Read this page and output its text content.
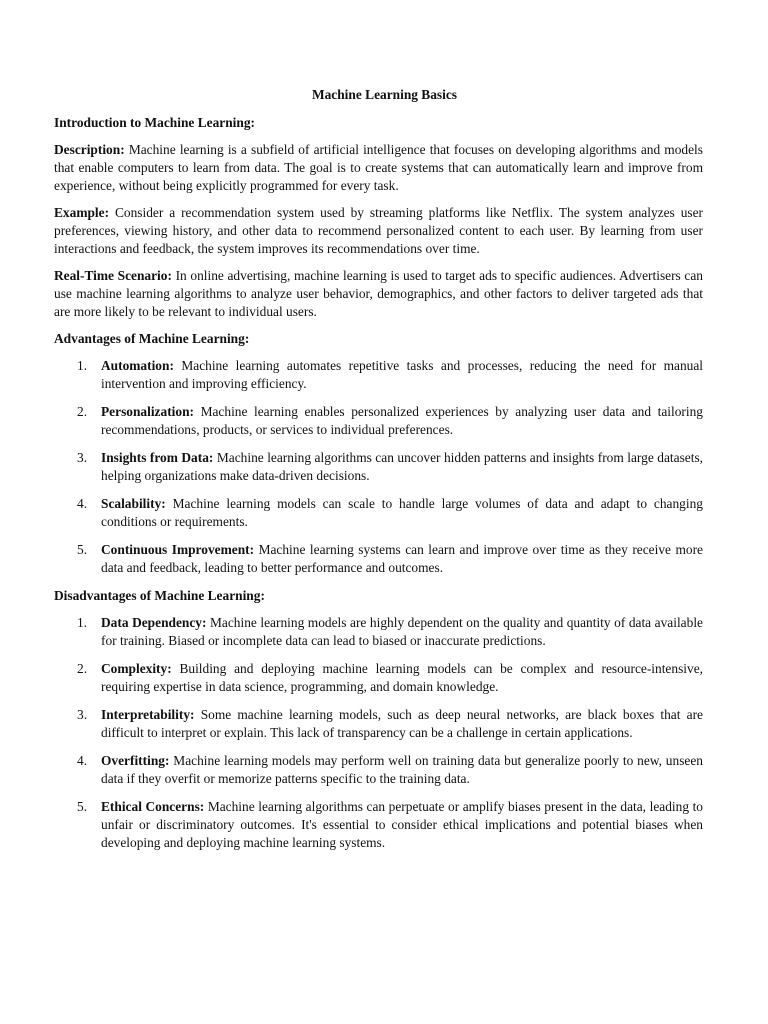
Machine Learning Basics
Introduction to Machine Learning:

Description: Machine learning is a subfield of artificial intelligence that focuses on developing algorithms and models that enable computers to learn from data. The goal is to create systems that can automatically learn and improve from experience, without being explicitly programmed for every task.

Example: Consider a recommendation system used by streaming platforms like Netflix. The system analyzes user preferences, viewing history, and other data to recommend personalized content to each user. By learning from user interactions and feedback, the system improves its recommendations over time.

Real-Time Scenario: In online advertising, machine learning is used to target ads to specific audiences. Advertisers can use machine learning algorithms to analyze user behavior, demographics, and other factors to deliver targeted ads that are more likely to be relevant to individual users.

Advantages of Machine Learning:
1. Automation: Machine learning automates repetitive tasks and processes, reducing the need for manual intervention and improving efficiency.
2. Personalization: Machine learning enables personalized experiences by analyzing user data and tailoring recommendations, products, or services to individual preferences.
3. Insights from Data: Machine learning algorithms can uncover hidden patterns and insights from large datasets, helping organizations make data-driven decisions.
4. Scalability: Machine learning models can scale to handle large volumes of data and adapt to changing conditions or requirements.
5. Continuous Improvement: Machine learning systems can learn and improve over time as they receive more data and feedback, leading to better performance and outcomes.
Disadvantages of Machine Learning:
1. Data Dependency: Machine learning models are highly dependent on the quality and quantity of data available for training. Biased or incomplete data can lead to biased or inaccurate predictions.
2. Complexity: Building and deploying machine learning models can be complex and resource-intensive, requiring expertise in data science, programming, and domain knowledge.
3. Interpretability: Some machine learning models, such as deep neural networks, are black boxes that are difficult to interpret or explain. This lack of transparency can be a challenge in certain applications.
4. Overfitting: Machine learning models may perform well on training data but generalize poorly to new, unseen data if they overfit or memorize patterns specific to the training data.
5. Ethical Concerns: Machine learning algorithms can perpetuate or amplify biases present in the data, leading to unfair or discriminatory outcomes. It's essential to consider ethical implications and potential biases when developing and deploying machine learning systems.
